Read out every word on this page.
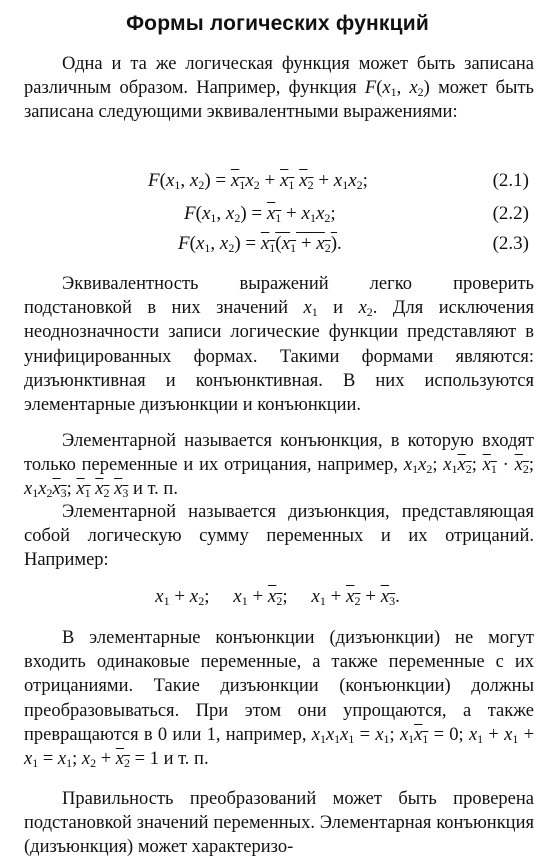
Формы логических функций
Одна и та же логическая функция может быть записана различным образом. Например, функция $F(x_1$, $x_2$) может быть записана следующими эквивалентными выражениями:
$F(x_1$, $x_2) = x_1x_2 + x_1$ $x_2 + x_1x_2$;	(2.1)
$F(x_1$, $x_2) = x_1 + x_1x_2$;	(2.2)
$F(x_1$, $x_2) = x_1(x_1 + x_2)$.	(2.3)
Эквивалентность выражений легко проверить подстановкой в них значений $x_1$ и $x_2$. Для исключения неоднозначности записи логические функции представляют в унифицированных формах. Такими формами являются: дизъюнктивная и конъюнктивная. В них используются элементарные дизъюнкции и конъюнкции.
Элементарной называется конъюнкция, в которую входят только переменные и их отрицания, например, $x_1x_2$; $x_1x_2$; $x_1 \cdot x_2$; $x_1x_2x_3$; $x_1$ $x_2$ $x_3$ и т. п.
Элементарной называется дизъюнкция, представляющая собой логическую сумму переменных и их отрицаний. Например:
$x_1 + x_2$;     $x_1 + x_2$;     $x_1 + x_2 + x_3$.
В элементарные конъюнкции (дизъюнкции) не могут входить одинаковые переменные, а также переменные с их отрицаниями. Такие дизъюнкции (конъюнкции) должны преобразовываться. При этом они упрощаются, а также превращаются в 0 или 1, например, $x_1x_1x_1 = x_1$; $x_1x_1 = 0$; $x_1 + x_1 + x_1 = x_1$; $x_2 + x_2 = 1$ и т. п.
Правильность преобразований может быть проверена подстановкой значений переменных. Элементарная конъюнкция (дизъюнкция) может характеризо-
